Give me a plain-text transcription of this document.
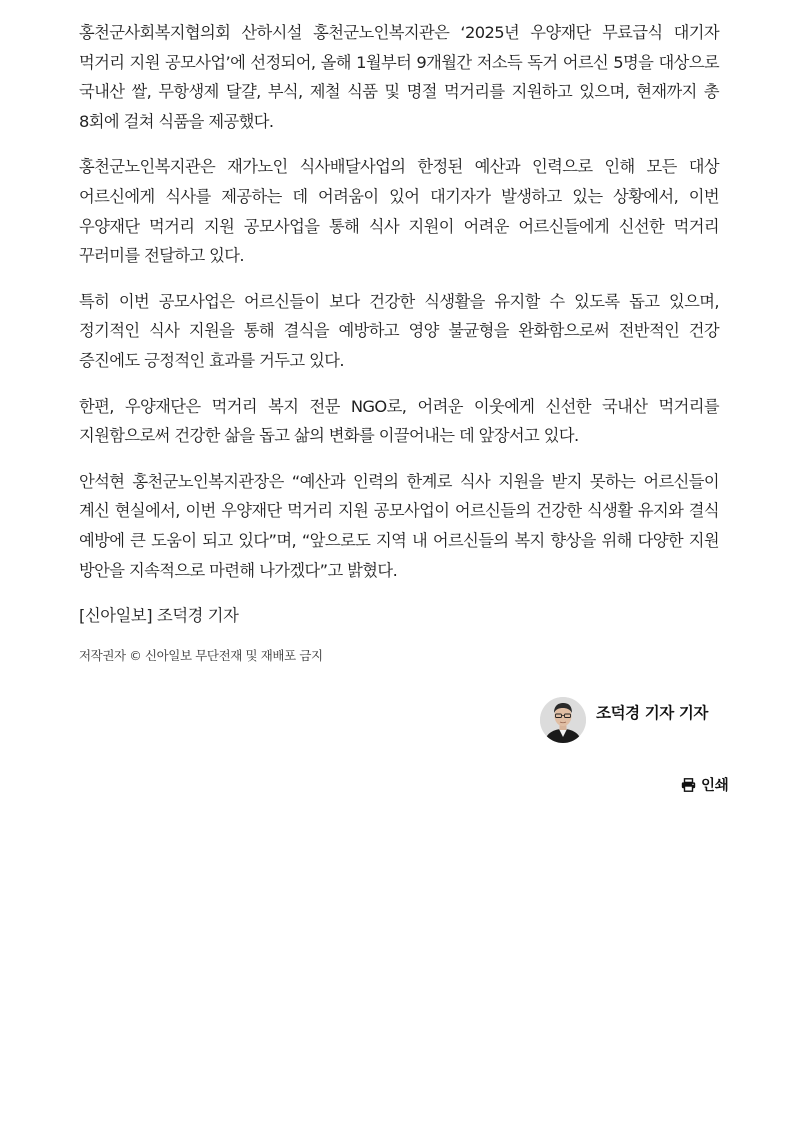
홍천군사회복지협의회 산하시설 홍천군노인복지관은 ‘2025년 우양재단 무료급식 대기자 먹거리 지원 공모사업’에 선정되어, 올해 1월부터 9개월간 저소득 독거 어르신 5명을 대상으로 국내산 쌀, 무항생제 달걀, 부식, 제철 식품 및 명절 먹거리를 지원하고 있으며, 현재까지 총 8회에 걸쳐 식품을 제공했다.

홍천군노인복지관은 재가노인 식사배달사업의 한정된 예산과 인력으로 인해 모든 대상 어르신에게 식사를 제공하는 데 어려움이 있어 대기자가 발생하고 있는 상황에서, 이번 우양재단 먹거리 지원 공모사업을 통해 식사 지원이 어려운 어르신들에게 신선한 먹거리 꾸러미를 전달하고 있다.

특히 이번 공모사업은 어르신들이 보다 건강한 식생활을 유지할 수 있도록 돕고 있으며, 정기적인 식사 지원을 통해 결식을 예방하고 영양 불균형을 완화함으로써 전반적인 건강 증진에도 긍정적인 효과를 거두고 있다.

한편, 우양재단은 먹거리 복지 전문 NGO로, 어려운 이웃에게 신선한 국내산 먹거리를 지원함으로써 건강한 삶을 돕고 삶의 변화를 이끌어내는 데 앞장서고 있다.

안석현 홍천군노인복지관장은 “예산과 인력의 한계로 식사 지원을 받지 못하는 어르신들이 계신 현실에서, 이번 우양재단 먹거리 지원 공모사업이 어르신들의 건강한 식생활 유지와 결식 예방에 큰 도움이 되고 있다”며, “앞으로도 지역 내 어르신들의 복지 향상을 위해 다양한 지원 방안을 지속적으로 마련해 나가겠다”고 밝혔다.

[신아일보] 조덕경 기자

저작권자 © 신아일보 무단전재 및 재배포 금지

조덕경 기자 기자
인쇄
